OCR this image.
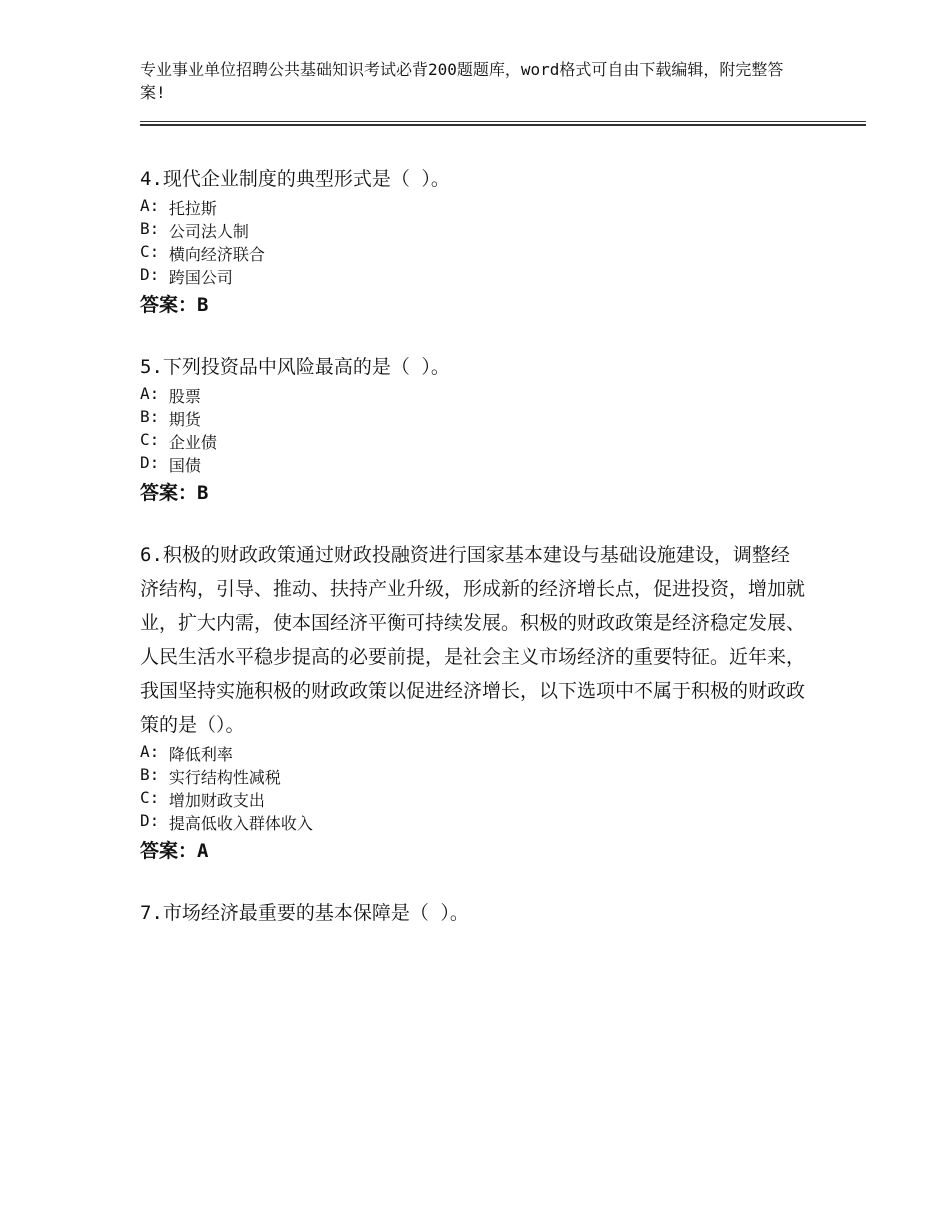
专业事业单位招聘公共基础知识考试必背200题题库，word格式可自由下载编辑，附完整答案!
4.现代企业制度的典型形式是（ ）。
A:
托拉斯
B:
公司法人制
C:
横向经济联合
D:
跨国公司
答案：B
5.下列投资品中风险最高的是（ ）。
A:
股票
B:
期货
C:
企业债
D:
国债
答案：B
6.积极的财政政策通过财政投融资进行国家基本建设与基础设施建设，调整经济结构，引导、推动、扶持产业升级，形成新的经济增长点，促进投资，增加就业，扩大内需，使本国经济平衡可持续发展。积极的财政政策是经济稳定发展、人民生活水平稳步提高的必要前提，是社会主义市场经济的重要特征。近年来，我国坚持实施积极的财政政策以促进经济增长，以下选项中不属于积极的财政政策的是（）。
A:
降低利率
B:
实行结构性减税
C:
增加财政支出
D:
提高低收入群体收入
答案：A
7.市场经济最重要的基本保障是（ ）。
